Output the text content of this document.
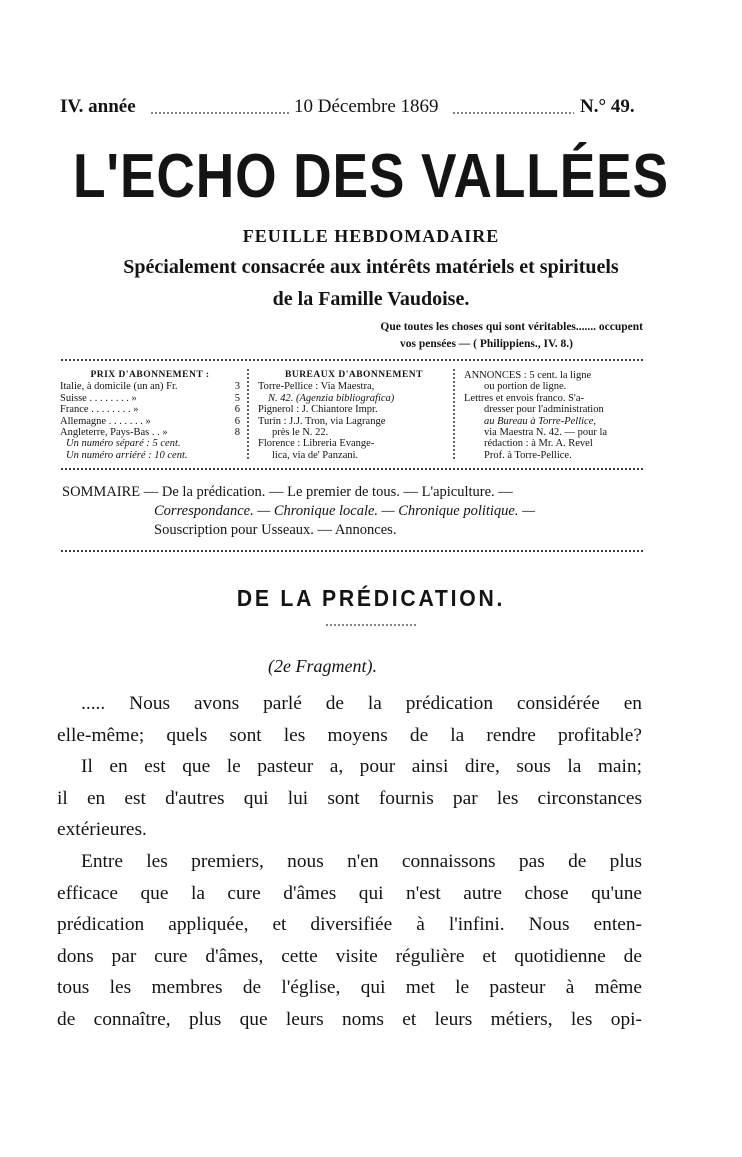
IV. année	10 Décembre 1869	N.° 49.
L'ECHO DES VALLÉES
FEUILLE HEBDOMADAIRE
Spécialement consacrée aux intérêts matériels et spirituels
de la Famille Vaudoise.
Que toutes les choses qui sont véritables....... occupent
vos pensées — ( Philippiens., IV. 8.)
PRIX D'ABONNEMENT :
Italie, à domicile (un an) Fr.	3
Suisse . . . . . . . . »	5
France . . . . . . . . »	6
Allemagne . . . . . . . »	6
Angleterre, Pays-Bas . . »	8
Un numéro séparé : 5 cent.
Un numéro arriéré : 10 cent.
BUREAUX D'ABONNEMENT
Torre-Pellice : Via Maestra,
N. 42. (Agenzia bibliografica)
Pignerol : J. Chiantore Impr.
Turin : J.J. Tron, via Lagrange
près le N. 22.
Florence : Libreria Evange-
lica, via de' Panzani.
ANNONCES : 5 cent. la ligne
ou portion de ligne.
Lettres et envois franco. S'a-
dresser pour l'administration
au Bureau à Torre-Pellice,
via Maestra N. 42. — pour la
rédaction : à Mr. A. Revel
Prof. à Torre-Pellice.
SOMMAIRE — De la prédication. — Le premier de tous. — L'apiculture. —
Correspondance. — Chronique locale. — Chronique politique. —
Souscription pour Usseaux. — Annonces.
DE LA PRÉDICATION.
(2e Fragment).

..... Nous avons parlé de la prédication considérée en

elle-même; quels sont les moyens de la rendre profitable?

Il en est que le pasteur a, pour ainsi dire, sous la main;

il en est d'autres qui lui sont fournis par les circonstances

extérieures.

Entre les premiers, nous n'en connaissons pas de plus

efficace que la cure d'âmes qui n'est autre chose qu'une

prédication appliquée, et diversifiée à l'infini. Nous enten-

dons par cure d'âmes, cette visite régulière et quotidienne de

tous les membres de l'église, qui met le pasteur à même

de connaître, plus que leurs noms et leurs métiers, les opi-
